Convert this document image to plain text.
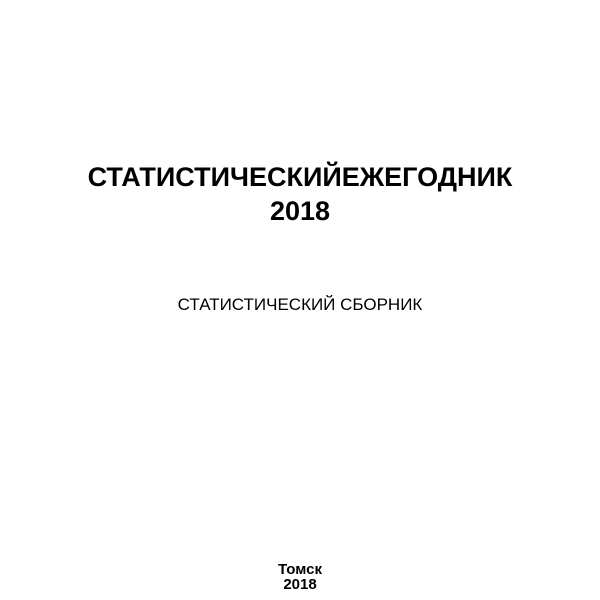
СТАТИСТИЧЕСКИЙЕЖЕГОДНИК
2018
СТАТИСТИЧЕСКИЙ СБОРНИК
Томск
2018
